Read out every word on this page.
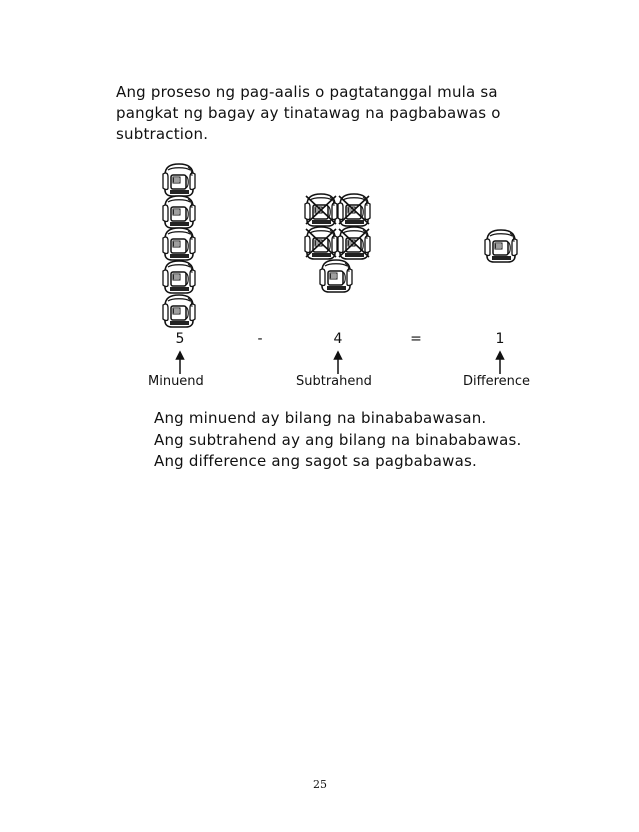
Ang proseso ng pag-aalis o pagtatanggal mula sa
pangkat ng bagay ay tinatawag na pagbabawas o
subtraction.

5	-	4	=	1
Minuend	Subtrahend	Difference

Ang minuend ay bilang na binababawasan.
Ang subtrahend ay ang bilang na binababawas.
Ang difference ang sagot sa pagbabawas.

25
